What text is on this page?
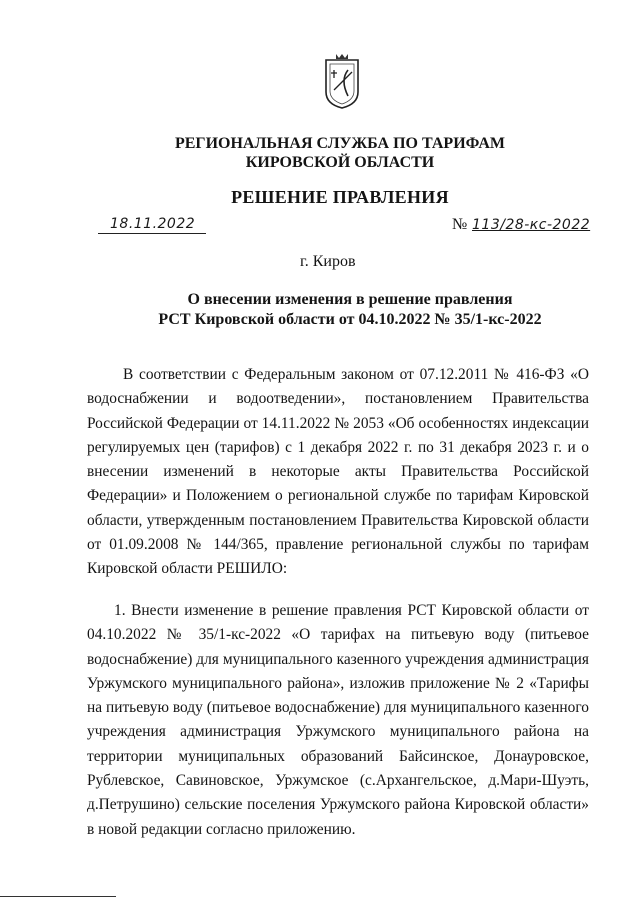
РЕГИОНАЛЬНАЯ СЛУЖБА ПО ТАРИФАМ
КИРОВСКОЙ ОБЛАСТИ
РЕШЕНИЕ ПРАВЛЕНИЯ
18.11.2022	№ 113/28-кс-2022
г. Киров
О внесении изменения в решение правления
РСТ Кировской области от 04.10.2022 № 35/1-кс-2022
В соответствии с Федеральным законом от 07.12.2011 № 416-ФЗ «О водоснабжении и водоотведении», постановлением Правительства Российской Федерации от 14.11.2022 № 2053 «Об особенностях индексации регулируемых цен (тарифов) с 1 декабря 2022 г. по 31 декабря 2023 г. и о внесении изменений в некоторые акты Правительства Российской Федерации» и Положением о региональной службе по тарифам Кировской области, утвержденным постановлением Правительства Кировской области от 01.09.2008 № 144/365, правление региональной службы по тарифам Кировской области РЕШИЛО:
1. Внести изменение в решение правления РСТ Кировской области от 04.10.2022 № 35/1-кс-2022 «О тарифах на питьевую воду (питьевое водоснабжение) для муниципального казенного учреждения администрация Уржумского муниципального района», изложив приложение № 2 «Тарифы на питьевую воду (питьевое водоснабжение) для муниципального казенного учреждения администрация Уржумского муниципального района на территории муниципальных образований Байсинское, Донауровское, Рублевское, Савиновское, Уржумское (с.Архангельское, д.Мари-Шуэть, д.Петрушино) сельские поселения Уржумского района Кировской области» в новой редакции согласно приложению.
